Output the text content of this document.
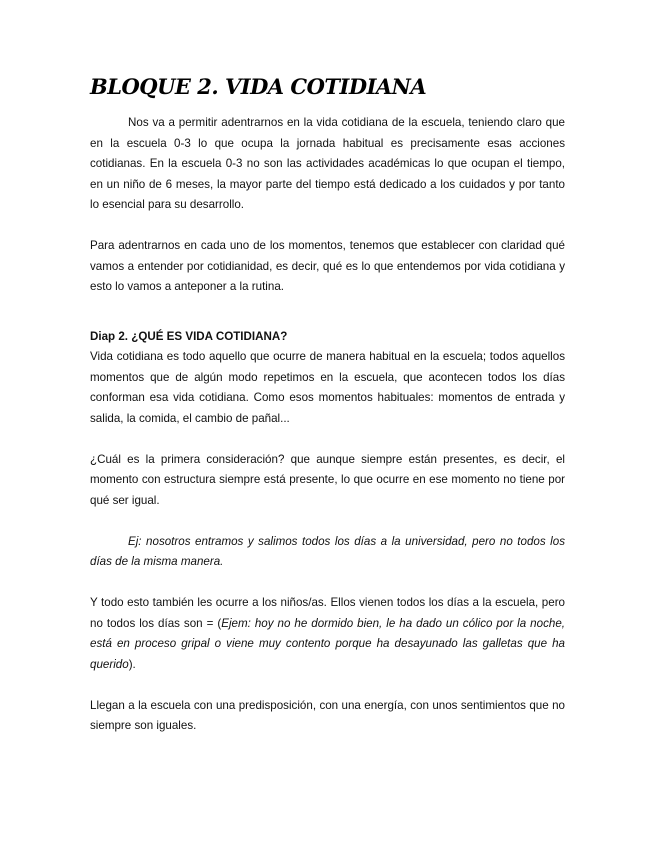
BLOQUE 2. VIDA COTIDIANA

Nos va a permitir adentrarnos en la vida cotidiana de la escuela, teniendo claro que en la escuela 0-3 lo que ocupa la jornada habitual es precisamente esas acciones cotidianas. En la escuela 0-3 no son las actividades académicas lo que ocupan el tiempo, en un niño de 6 meses, la mayor parte del tiempo está dedicado a los cuidados y por tanto lo esencial para su desarrollo.

Para adentrarnos en cada uno de los momentos, tenemos que establecer con claridad qué vamos a entender por cotidianidad, es decir, qué es lo que entendemos por vida cotidiana y esto lo vamos a anteponer a la rutina.

Diap 2. ¿QUÉ ES VIDA COTIDIANA?

Vida cotidiana es todo aquello que ocurre de manera habitual en la escuela; todos aquellos momentos que de algún modo repetimos en la escuela, que acontecen todos los días conforman esa vida cotidiana. Como esos momentos habituales: momentos de entrada y salida, la comida, el cambio de pañal...

¿Cuál es la primera consideración? que aunque siempre están presentes, es decir, el momento con estructura siempre está presente, lo que ocurre en ese momento no tiene por qué ser igual.

Ej: nosotros entramos y salimos todos los días a la universidad, pero no todos los días de la misma manera.

Y todo esto también les ocurre a los niños/as. Ellos vienen todos los días a la escuela, pero no todos los días son = (Ejem: hoy no he dormido bien, le ha dado un cólico por la noche, está en proceso gripal o viene muy contento porque ha desayunado las galletas que ha querido).

Llegan a la escuela con una predisposición, con una energía, con unos sentimientos que no siempre son iguales.
